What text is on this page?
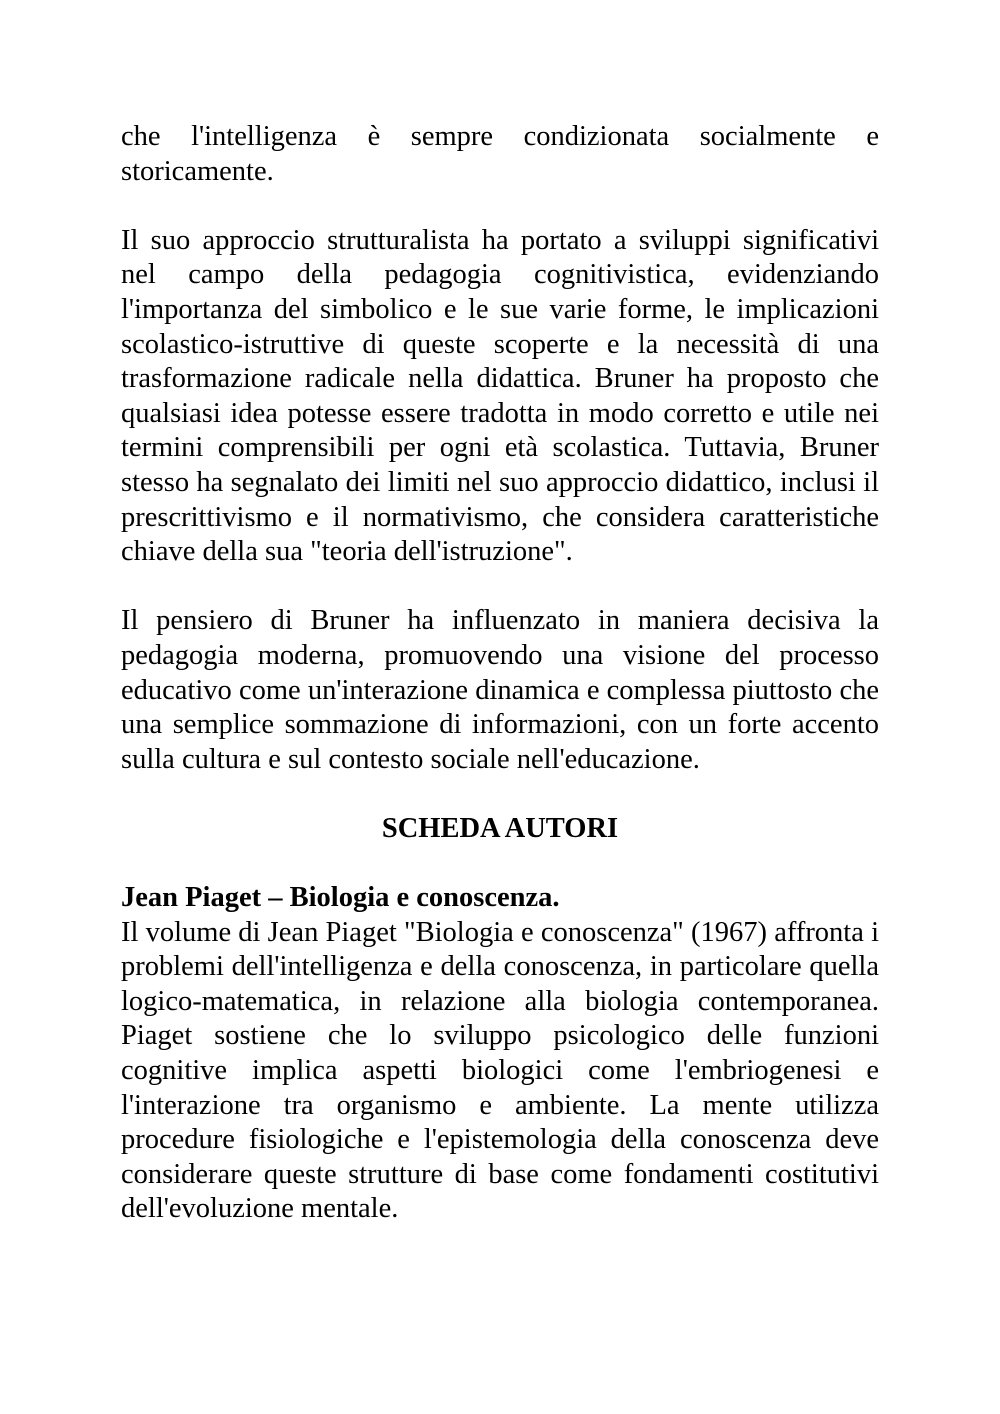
che l'intelligenza è sempre condizionata socialmente e storicamente.

Il suo approccio strutturalista ha portato a sviluppi significativi nel campo della pedagogia cognitivistica, evidenziando l'importanza del simbolico e le sue varie forme, le implicazioni scolastico-istruttive di queste scoperte e la necessità di una trasformazione radicale nella didattica. Bruner ha proposto che qualsiasi idea potesse essere tradotta in modo corretto e utile nei termini comprensibili per ogni età scolastica. Tuttavia, Bruner stesso ha segnalato dei limiti nel suo approccio didattico, inclusi il prescrittivismo e il normativismo, che considera caratteristiche chiave della sua "teoria dell'istruzione".

Il pensiero di Bruner ha influenzato in maniera decisiva la pedagogia moderna, promuovendo una visione del processo educativo come un'interazione dinamica e complessa piuttosto che una semplice sommazione di informazioni, con un forte accento sulla cultura e sul contesto sociale nell'educazione.

SCHEDA AUTORI

Jean Piaget – Biologia e conoscenza.

Il volume di Jean Piaget "Biologia e conoscenza" (1967) affronta i problemi dell'intelligenza e della conoscenza, in particolare quella logico-matematica, in relazione alla biologia contemporanea. Piaget sostiene che lo sviluppo psicologico delle funzioni cognitive implica aspetti biologici come l'embriogenesi e l'interazione tra organismo e ambiente. La mente utilizza procedure fisiologiche e l'epistemologia della conoscenza deve considerare queste strutture di base come fondamenti costitutivi dell'evoluzione mentale.
